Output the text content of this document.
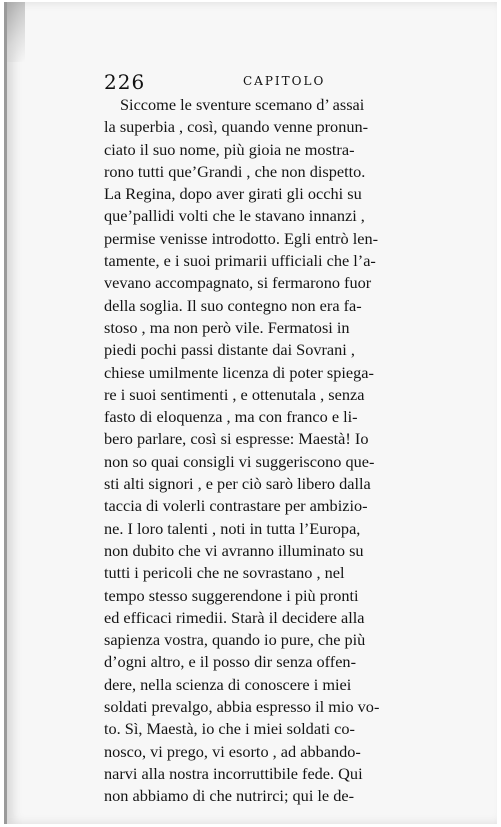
226	CAPITOLO
Siccome le sventure scemano d’ assai
la superbia , così, quando venne pronun-
ciato il suo nome, più gioia ne mostra-
rono tutti que’Grandi , che non dispetto.
La Regina, dopo aver girati gli occhi su
que’pallidi volti che le stavano innanzi ,
permise venisse introdotto. Egli entrò len-
tamente, e i suoi primarii ufficiali che l’a-
vevano accompagnato, si fermarono fuor
della soglia. Il suo contegno non era fa-
stoso , ma non però vile. Fermatosi in
piedi pochi passi distante dai Sovrani ,
chiese umilmente licenza di poter spiega-
re i suoi sentimenti , e ottenutala , senza
fasto di eloquenza , ma con franco e li-
bero parlare, così si espresse: Maestà! Io
non so quai consigli vi suggeriscono que-
sti alti signori , e per ciò sarò libero dalla
taccia di volerli contrastare per ambizio-
ne. I loro talenti , noti in tutta l’Europa,
non dubito che vi avranno illuminato su
tutti i pericoli che ne sovrastano , nel
tempo stesso suggerendone i più pronti
ed efficaci rimedii. Starà il decidere alla
sapienza vostra, quando io pure, che più
d’ogni altro, e il posso dir senza offen-
dere, nella scienza di conoscere i miei
soldati prevalgo, abbia espresso il mio vo-
to. Sì, Maestà, io che i miei soldati co-
nosco, vi prego, vi esorto , ad abbando-
narvi alla nostra incorruttibile fede. Qui
non abbiamo di che nutrirci; qui le de-
